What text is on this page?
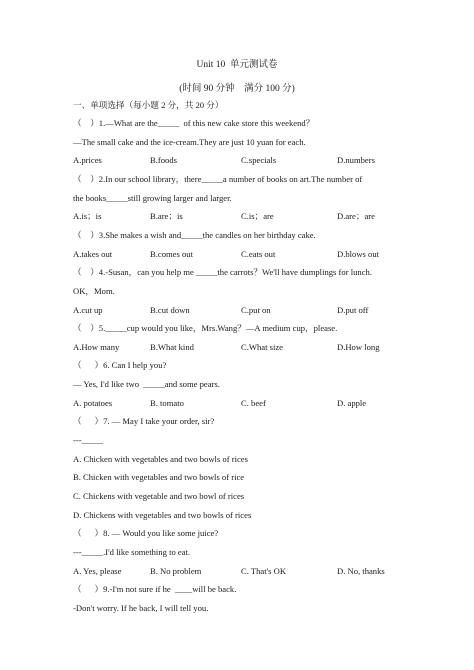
Unit 10  单元测试卷
(时间 90 分钟    满分 100 分)
一、单项选择（每小题 2 分，共 20 分）
（    ）1.—What are the_____  of this new cake store this weekend？
—The small cake and the ice-cream.They are just 10 yuan for each.
A.prices	B.foods	C.specials	D.numbers
（    ）2.In our school library，there_____a number of books on art.The number of
the books_____still growing larger and larger.
A.is；is	B.are；is	C.is；are	D.are；are
（    ）3.She makes a wish and_____the candles on her birthday cake.
A.takes out	B.comes out	C.eats out	D.blows out
（    ）4.-Susan，can you help me _____the carrots？We'll have dumplings for lunch.
OK，Mom.
A.cut up	B.cut down	C.put on	D.put off
（    ）5._____cup would you like，Mrs.Wang？—A medium cup，please.
A.How many	B.What kind	C.What size	D.How long
（      ）6. Can I help you?
— Yes, I'd like two  _____and some pears.
A. potatoes	B. tomato	C. beef	D. apple
（      ）7. — May I take your order, sir?
---_____
A. Chicken with vegetables and two bowls of rices
B. Chicken with vegetables and two bowls of rice
C. Chickens with vegetable and two bowl of rices
D. Chickens with vegetables and two bowls of rices
（      ）8. — Would you like some juice?
---_____.I'd like something to eat.
A. Yes, please	B. No problem	C. That's OK	D. No, thanks
（      ）9.-I'm not sure if he  ____will be back.
-Don't worry. If he back, I will tell you.
